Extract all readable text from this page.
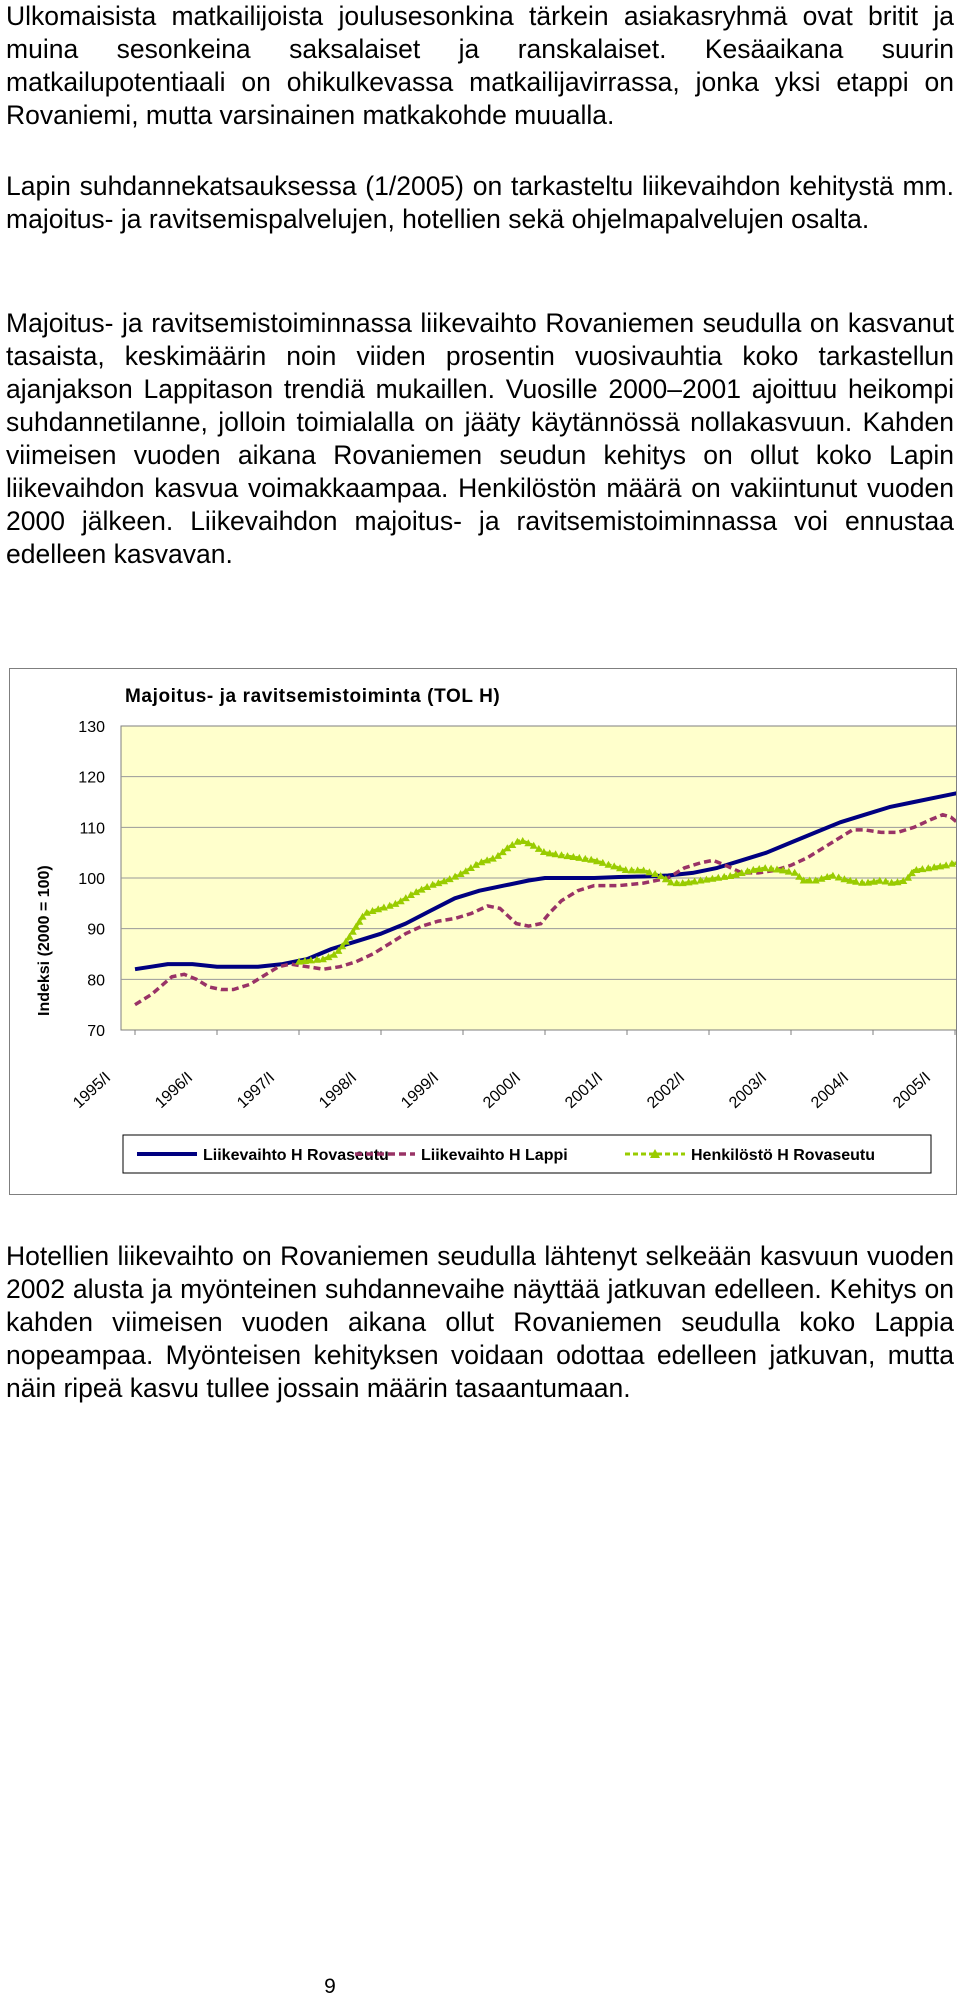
Ulkomaisista matkailijoista joulusesonkina tärkein asiakasryhmä ovat britit ja muina sesonkeina saksalaiset ja ranskalaiset. Kesäaikana suurin matkailupotentiaali on ohikulkevassa matkailijavirrassa, jonka yksi etappi on Rovaniemi, mutta varsinainen matkakohde muualla.

Lapin suhdannekatsauksessa (1/2005) on tarkasteltu liikevaihdon kehitystä mm. majoitus- ja ravitsemispalvelujen, hotellien sekä ohjelmapalvelujen osalta.

Majoitus- ja ravitsemistoiminnassa liikevaihto Rovaniemen seudulla on kasvanut tasaista, keskimäärin noin viiden prosentin vuosivauhtia koko tarkastellun ajanjakson Lappitason trendiä mukaillen. Vuosille 2000–2001 ajoittuu heikompi suhdannetilanne, jolloin toimialalla on jääty käytännössä nollakasvuun. Kahden viimeisen vuoden aikana Rovaniemen seudun kehitys on ollut koko Lapin liikevaihdon kasvua voimakkaampaa. Henkilöstön määrä on vakiintunut vuoden 2000 jälkeen. Liikevaihdon majoitus- ja ravitsemistoiminnassa voi ennustaa edelleen kasvavan.

70
80
90
100
110
120
130
1995/I 1996/I 1997/I 1998/I 1999/I 2000/I 2001/I 2002/I 2003/I 2004/I 2005/I
Majoitus- ja ravitsemistoiminta (TOL H)
Indeksi (2000 = 100)
Liikevaihto H Rovaseutu Liikevaihto H Lappi	Henkilöstö H Rovaseutu

Hotellien liikevaihto on Rovaniemen seudulla lähtenyt selkeään kasvuun vuoden 2002 alusta ja myönteinen suhdannevaihe näyttää jatkuvan edelleen. Kehitys on kahden viimeisen vuoden aikana ollut Rovaniemen seudulla koko Lappia nopeampaa. Myönteisen kehityksen voidaan odottaa edelleen jatkuvan, mutta näin ripeä kasvu tullee jossain määrin tasaantumaan.

9
